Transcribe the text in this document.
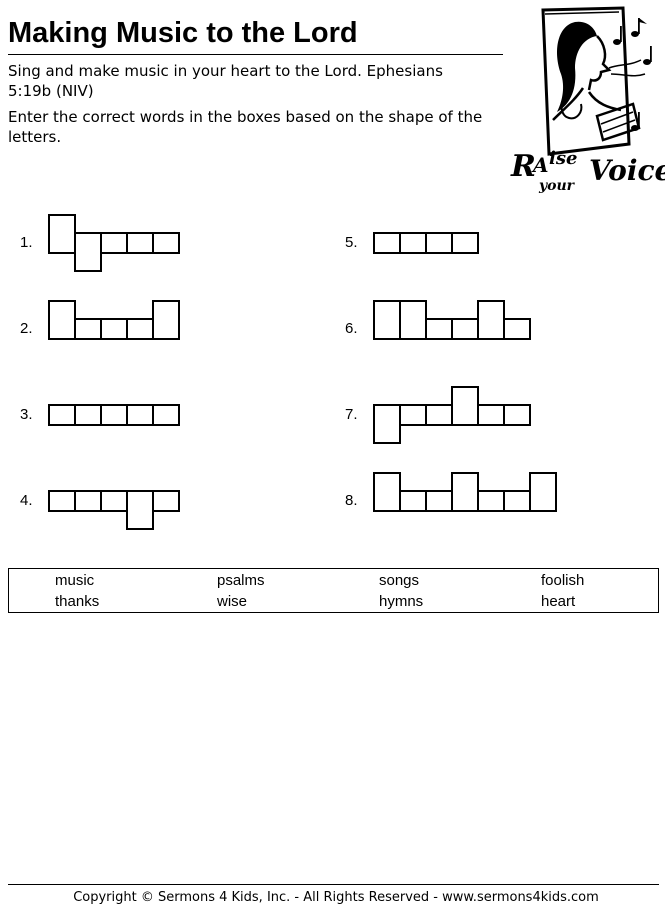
Making Music to the Lord
Sing and make music in your heart to the Lord. Ephesians 5:19b (NIV)
Enter the correct words in the boxes based on the shape of the letters.
R
A ise
your Voice
1.
2.
3.
4.
5.
6.
7.
8.
music	psalms	songs	foolish
thanks	wise	hymns	heart
Copyright © Sermons 4 Kids, Inc. - All Rights Reserved - www.sermons4kids.com
